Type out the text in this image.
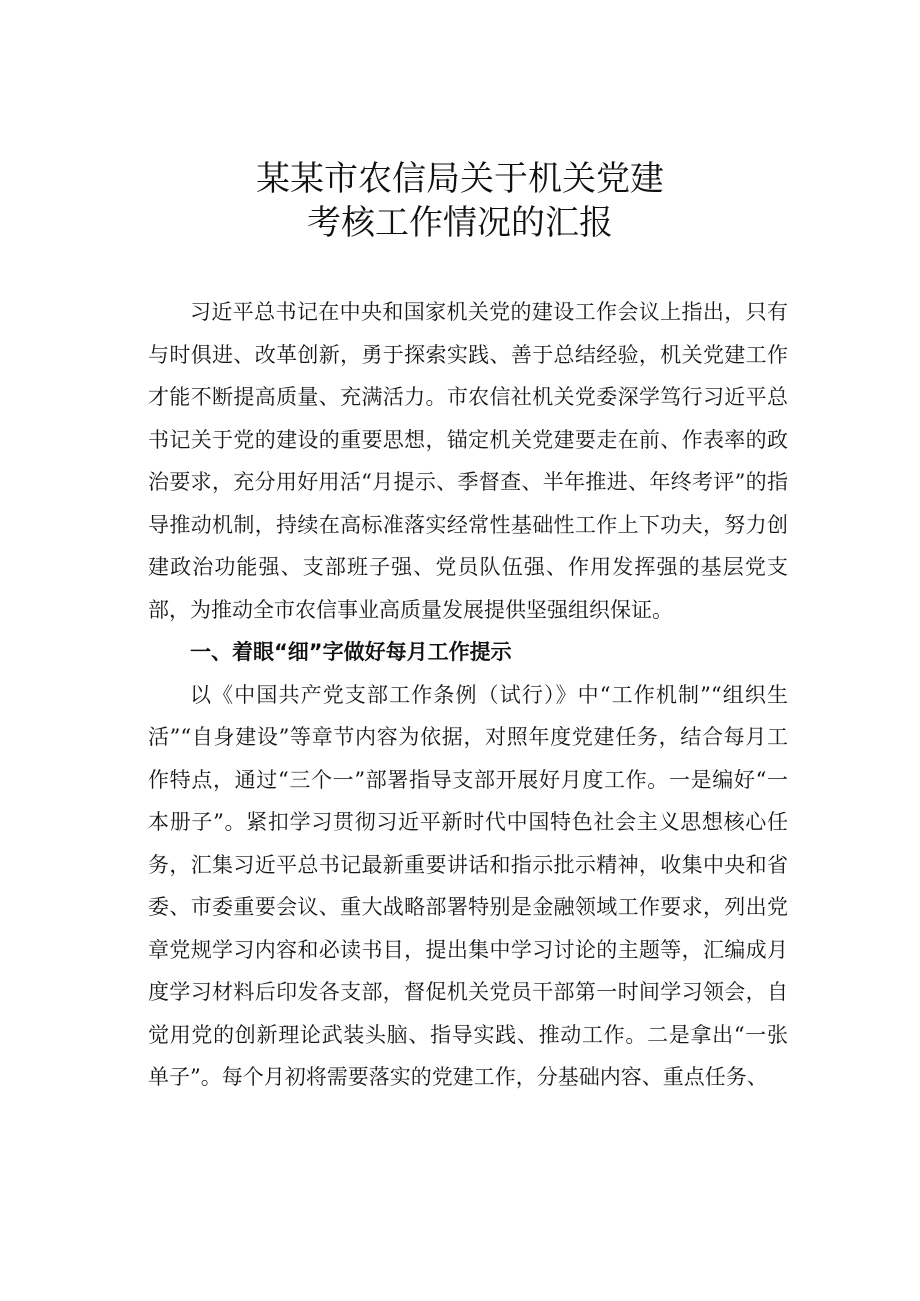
某某市农信局关于机关党建
考核工作情况的汇报

习近平总书记在中央和国家机关党的建设工作会议上指出，只有与时俱进、改革创新，勇于探索实践、善于总结经验，机关党建工作才能不断提高质量、充满活力。市农信社机关党委深学笃行习近平总书记关于党的建设的重要思想，锚定机关党建要走在前、作表率的政治要求，充分用好用活“月提示、季督查、半年推进、年终考评”的指导推动机制，持续在高标准落实经常性基础性工作上下功夫，努力创建政治功能强、支部班子强、党员队伍强、作用发挥强的基层党支部，为推动全市农信事业高质量发展提供坚强组织保证。

一、着眼“细”字做好每月工作提示

以《中国共产党支部工作条例（试行）》中“工作机制”“组织生活”“自身建设”等章节内容为依据，对照年度党建任务，结合每月工作特点，通过“三个一”部署指导支部开展好月度工作。一是编好“一本册子”。紧扣学习贯彻习近平新时代中国特色社会主义思想核心任务，汇集习近平总书记最新重要讲话和指示批示精神，收集中央和省委、市委重要会议、重大战略部署特别是金融领域工作要求，列出党章党规学习内容和必读书目，提出集中学习讨论的主题等，汇编成月度学习材料后印发各支部，督促机关党员干部第一时间学习领会，自觉用党的创新理论武装头脑、指导实践、推动工作。二是拿出“一张单子”。每个月初将需要落实的党建工作，分基础内容、重点任务、
